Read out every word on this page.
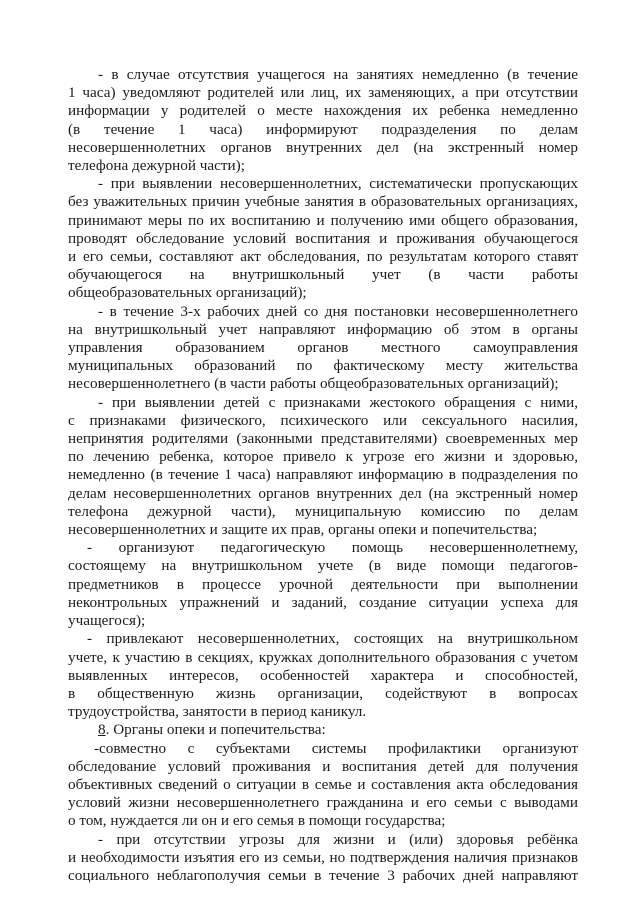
- в случае отсутствия учащегося на занятиях немедленно (в течение
1 часа) уведомляют родителей или лиц, их заменяющих, а при отсутствии
информации у родителей о месте нахождения их ребенка немедленно
(в течение 1 часа) информируют подразделения по делам
несовершеннолетних органов внутренних дел (на экстренный номер
телефона дежурной части);
- при выявлении несовершеннолетних, систематически пропускающих
без уважительных причин учебные занятия в образовательных организациях,
принимают меры по их воспитанию и получению ими общего образования,
проводят обследование условий воспитания и проживания обучающегося
и его семьи, составляют акт обследования, по результатам которого ставят
обучающегося на внутришкольный учет (в части работы
общеобразовательных организаций);
- в течение 3-х рабочих дней со дня постановки несовершеннолетнего
на внутришкольный учет направляют информацию об этом в органы
управления образованием органов местного самоуправления
муниципальных образований по фактическому месту жительства
несовершеннолетнего (в части работы общеобразовательных организаций);
- при выявлении детей с признаками жестокого обращения с ними,
с признаками физического, психического или сексуального насилия,
непринятия родителями (законными представителями) своевременных мер
по лечению ребенка, которое привело к угрозе его жизни и здоровью,
немедленно (в течение 1 часа) направляют информацию в подразделения по
делам несовершеннолетних органов внутренних дел (на экстренный номер
телефона дежурной части), муниципальную комиссию по делам
несовершеннолетних и защите их прав, органы опеки и попечительства;
- организуют педагогическую помощь несовершеннолетнему,
состоящему на внутришкольном учете (в виде помощи педагогов-
предметников в процессе урочной деятельности при выполнении
неконтрольных упражнений и заданий, создание ситуации успеха для
учащегося);
- привлекают несовершеннолетних, состоящих на внутришкольном
учете, к участию в секциях, кружках дополнительного образования с учетом
выявленных интересов, особенностей характера и способностей,
в общественную жизнь организации, содействуют в вопросах
трудоустройства, занятости в период каникул.
8. Органы опеки и попечительства:
-совместно с субъектами системы профилактики организуют
обследование условий проживания и воспитания детей для получения
объективных сведений о ситуации в семье и составления акта обследования
условий жизни несовершеннолетнего гражданина и его семьи с выводами
о том, нуждается ли он и его семья в помощи государства;
- при отсутствии угрозы для жизни и (или) здоровья ребёнка
и необходимости изъятия его из семьи, но подтверждения наличия признаков
социального неблагополучия семьи в течение 3 рабочих дней направляют
